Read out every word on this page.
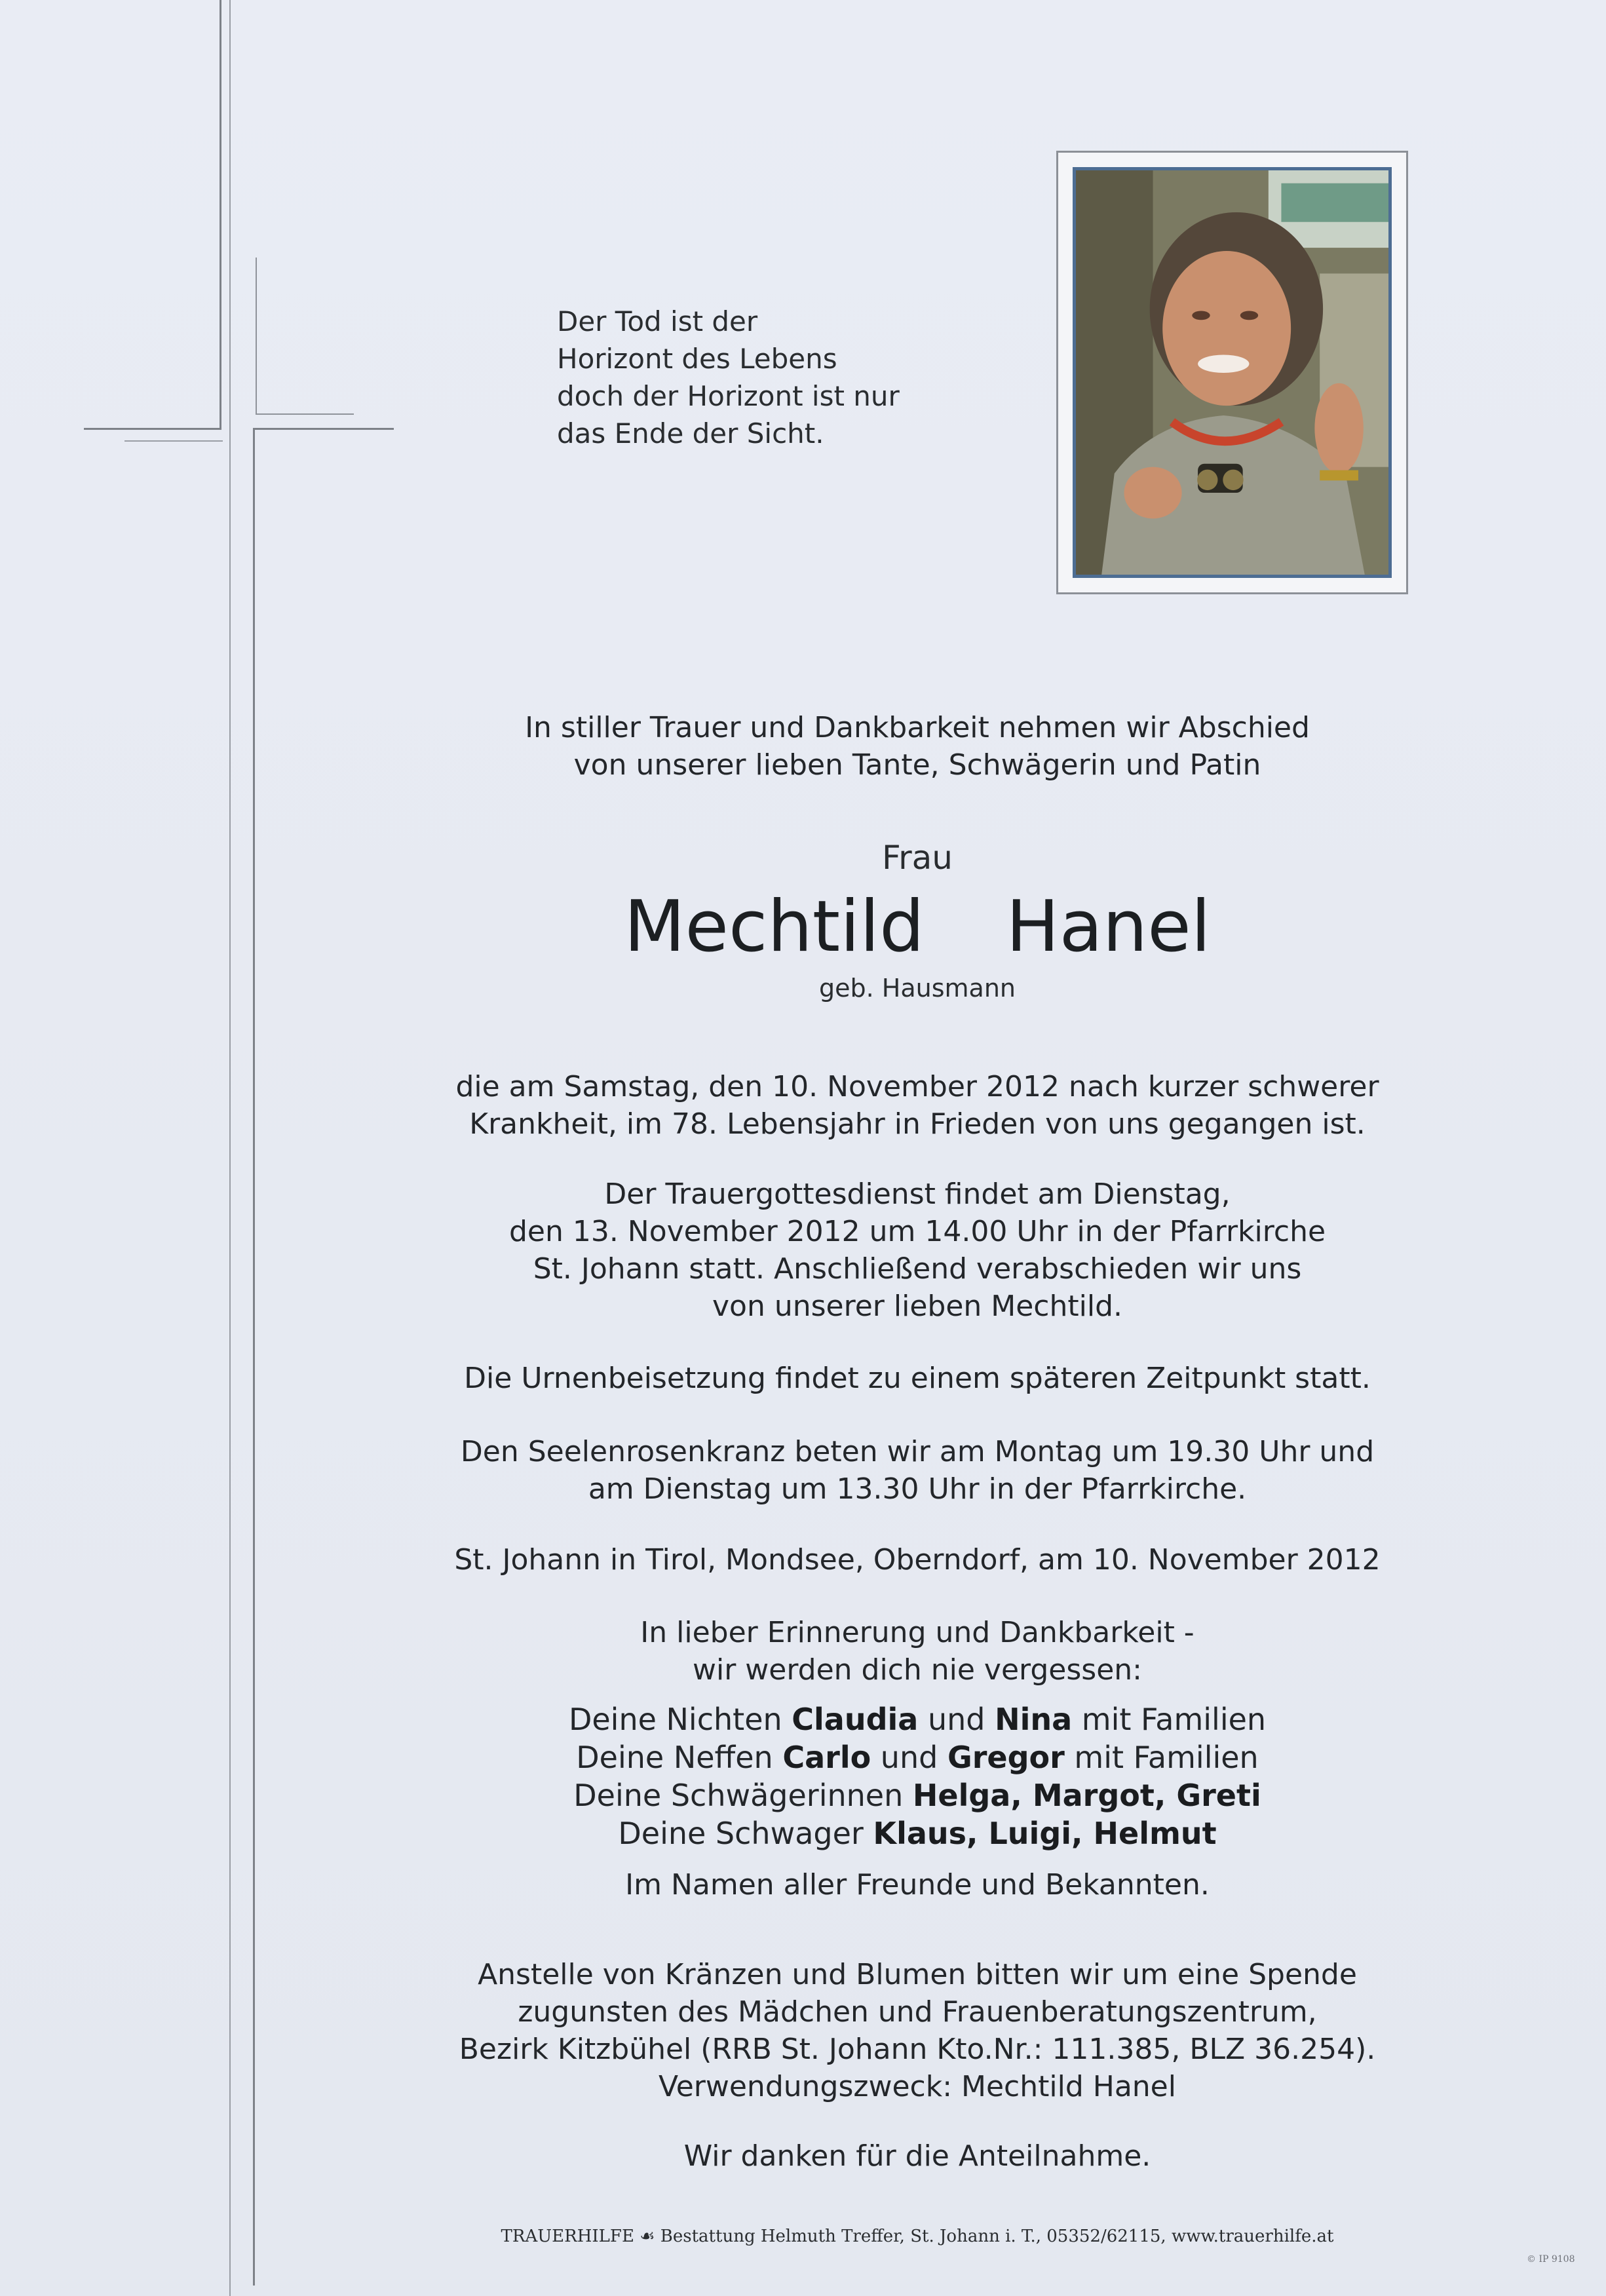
Der Tod ist der
Horizont des Lebens
doch der Horizont ist nur
das Ende der Sicht.
In stiller Trauer und Dankbarkeit nehmen wir Abschied
von unserer lieben Tante, Schwägerin und Patin
Frau
Mechtild  Hanel
geb. Hausmann
die am Samstag, den 10. November 2012 nach kurzer schwerer
Krankheit, im 78. Lebensjahr in Frieden von uns gegangen ist.
Der Trauergottesdienst findet am Dienstag,
den 13. November 2012 um 14.00 Uhr in der Pfarrkirche
St. Johann statt. Anschließend verabschieden wir uns
von unserer lieben Mechtild.
Die Urnenbeisetzung findet zu einem späteren Zeitpunkt statt.
Den Seelenrosenkranz beten wir am Montag um 19.30 Uhr und
am Dienstag um 13.30 Uhr in der Pfarrkirche.
St. Johann in Tirol, Mondsee, Oberndorf, am 10. November 2012
In lieber Erinnerung und Dankbarkeit -
wir werden dich nie vergessen:
Deine Nichten Claudia und Nina mit Familien
Deine Neffen Carlo und Gregor mit Familien
Deine Schwägerinnen Helga, Margot, Greti
Deine Schwager Klaus, Luigi, Helmut
Im Namen aller Freunde und Bekannten.
Anstelle von Kränzen und Blumen bitten wir um eine Spende
zugunsten des Mädchen und Frauenberatungszentrum,
Bezirk Kitzbühel (RRB St. Johann Kto.Nr.: 111.385, BLZ 36.254).
Verwendungszweck: Mechtild Hanel
Wir danken für die Anteilnahme.
TRAUERHILFE ☙ Bestattung Helmuth Treffer, St. Johann i. T., 05352/62115, www.trauerhilfe.at
© IP 9108
